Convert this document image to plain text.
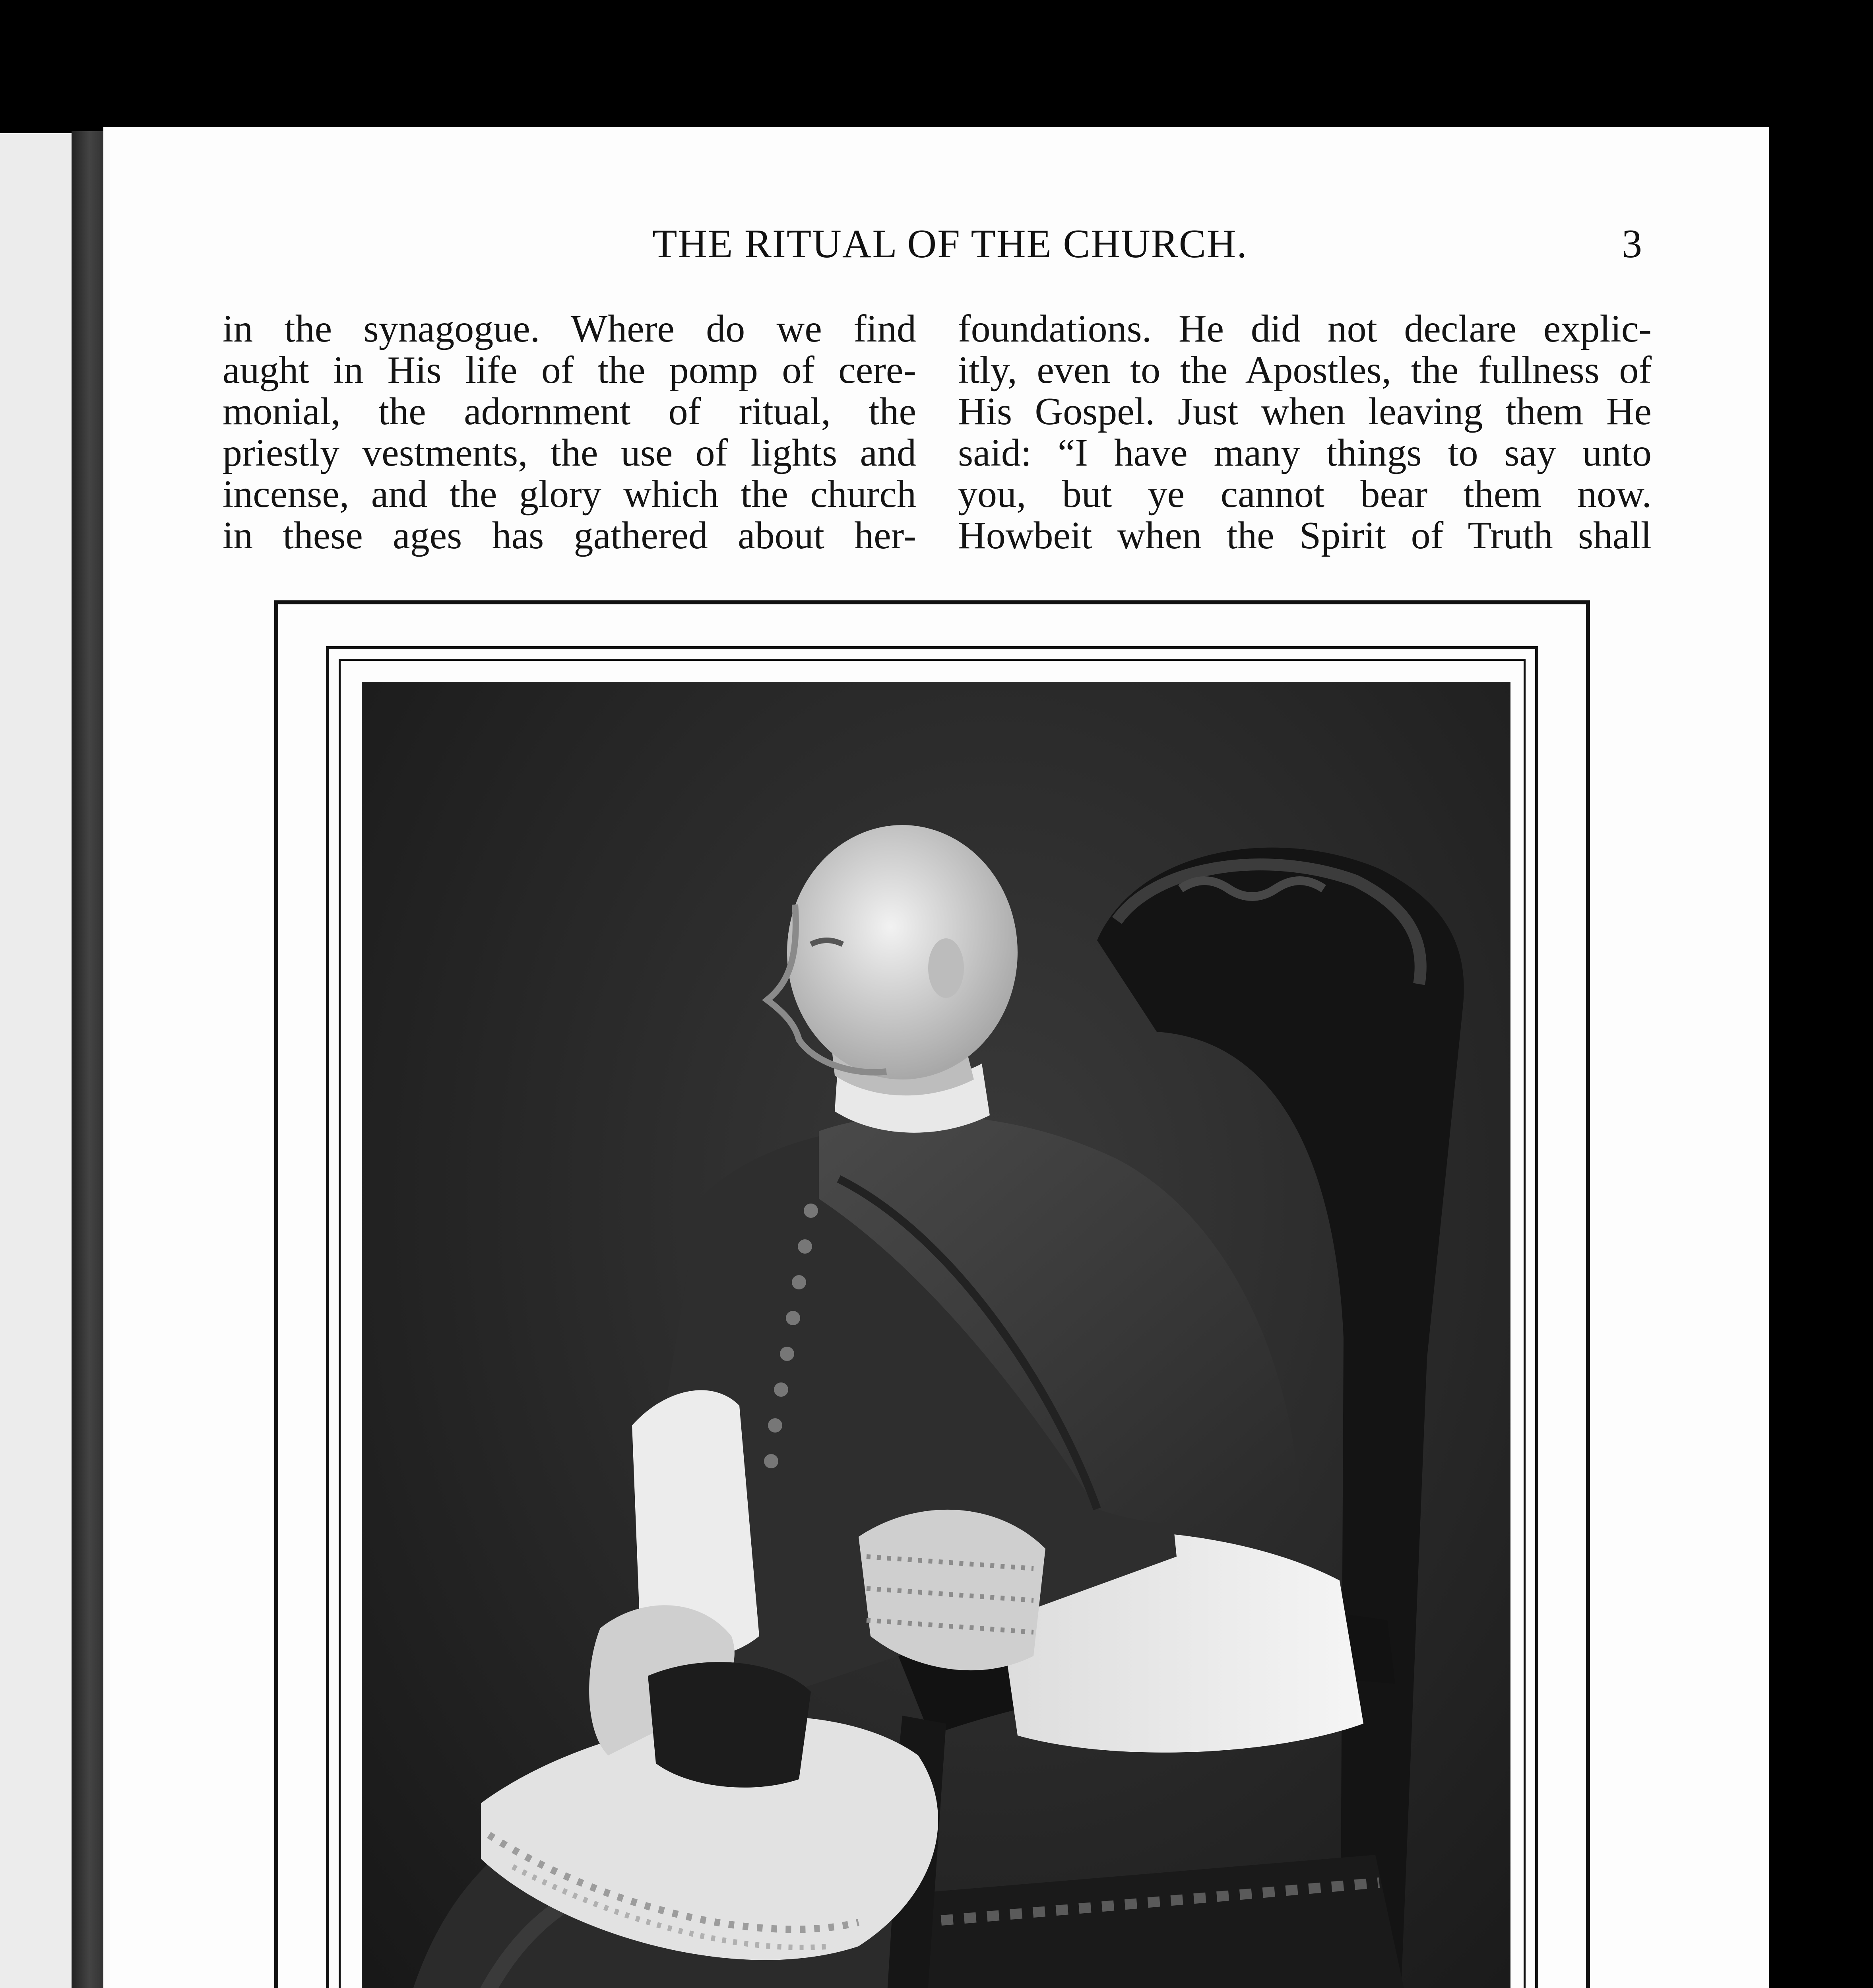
THE RITUAL OF THE CHURCH.	3
in the synagogue. Where do we find
aught in His life of the pomp of cere-
monial, the adornment of ritual, the
priestly vestments, the use of lights and
incense, and the glory which the church
in these ages has gathered about her-
foundations. He did not declare explic-
itly, even to the Apostles, the fullness of
His Gospel. Just when leaving them He
said: “I have many things to say unto
you, but ye cannot bear them now.
Howbeit when the Spirit of Truth shall
